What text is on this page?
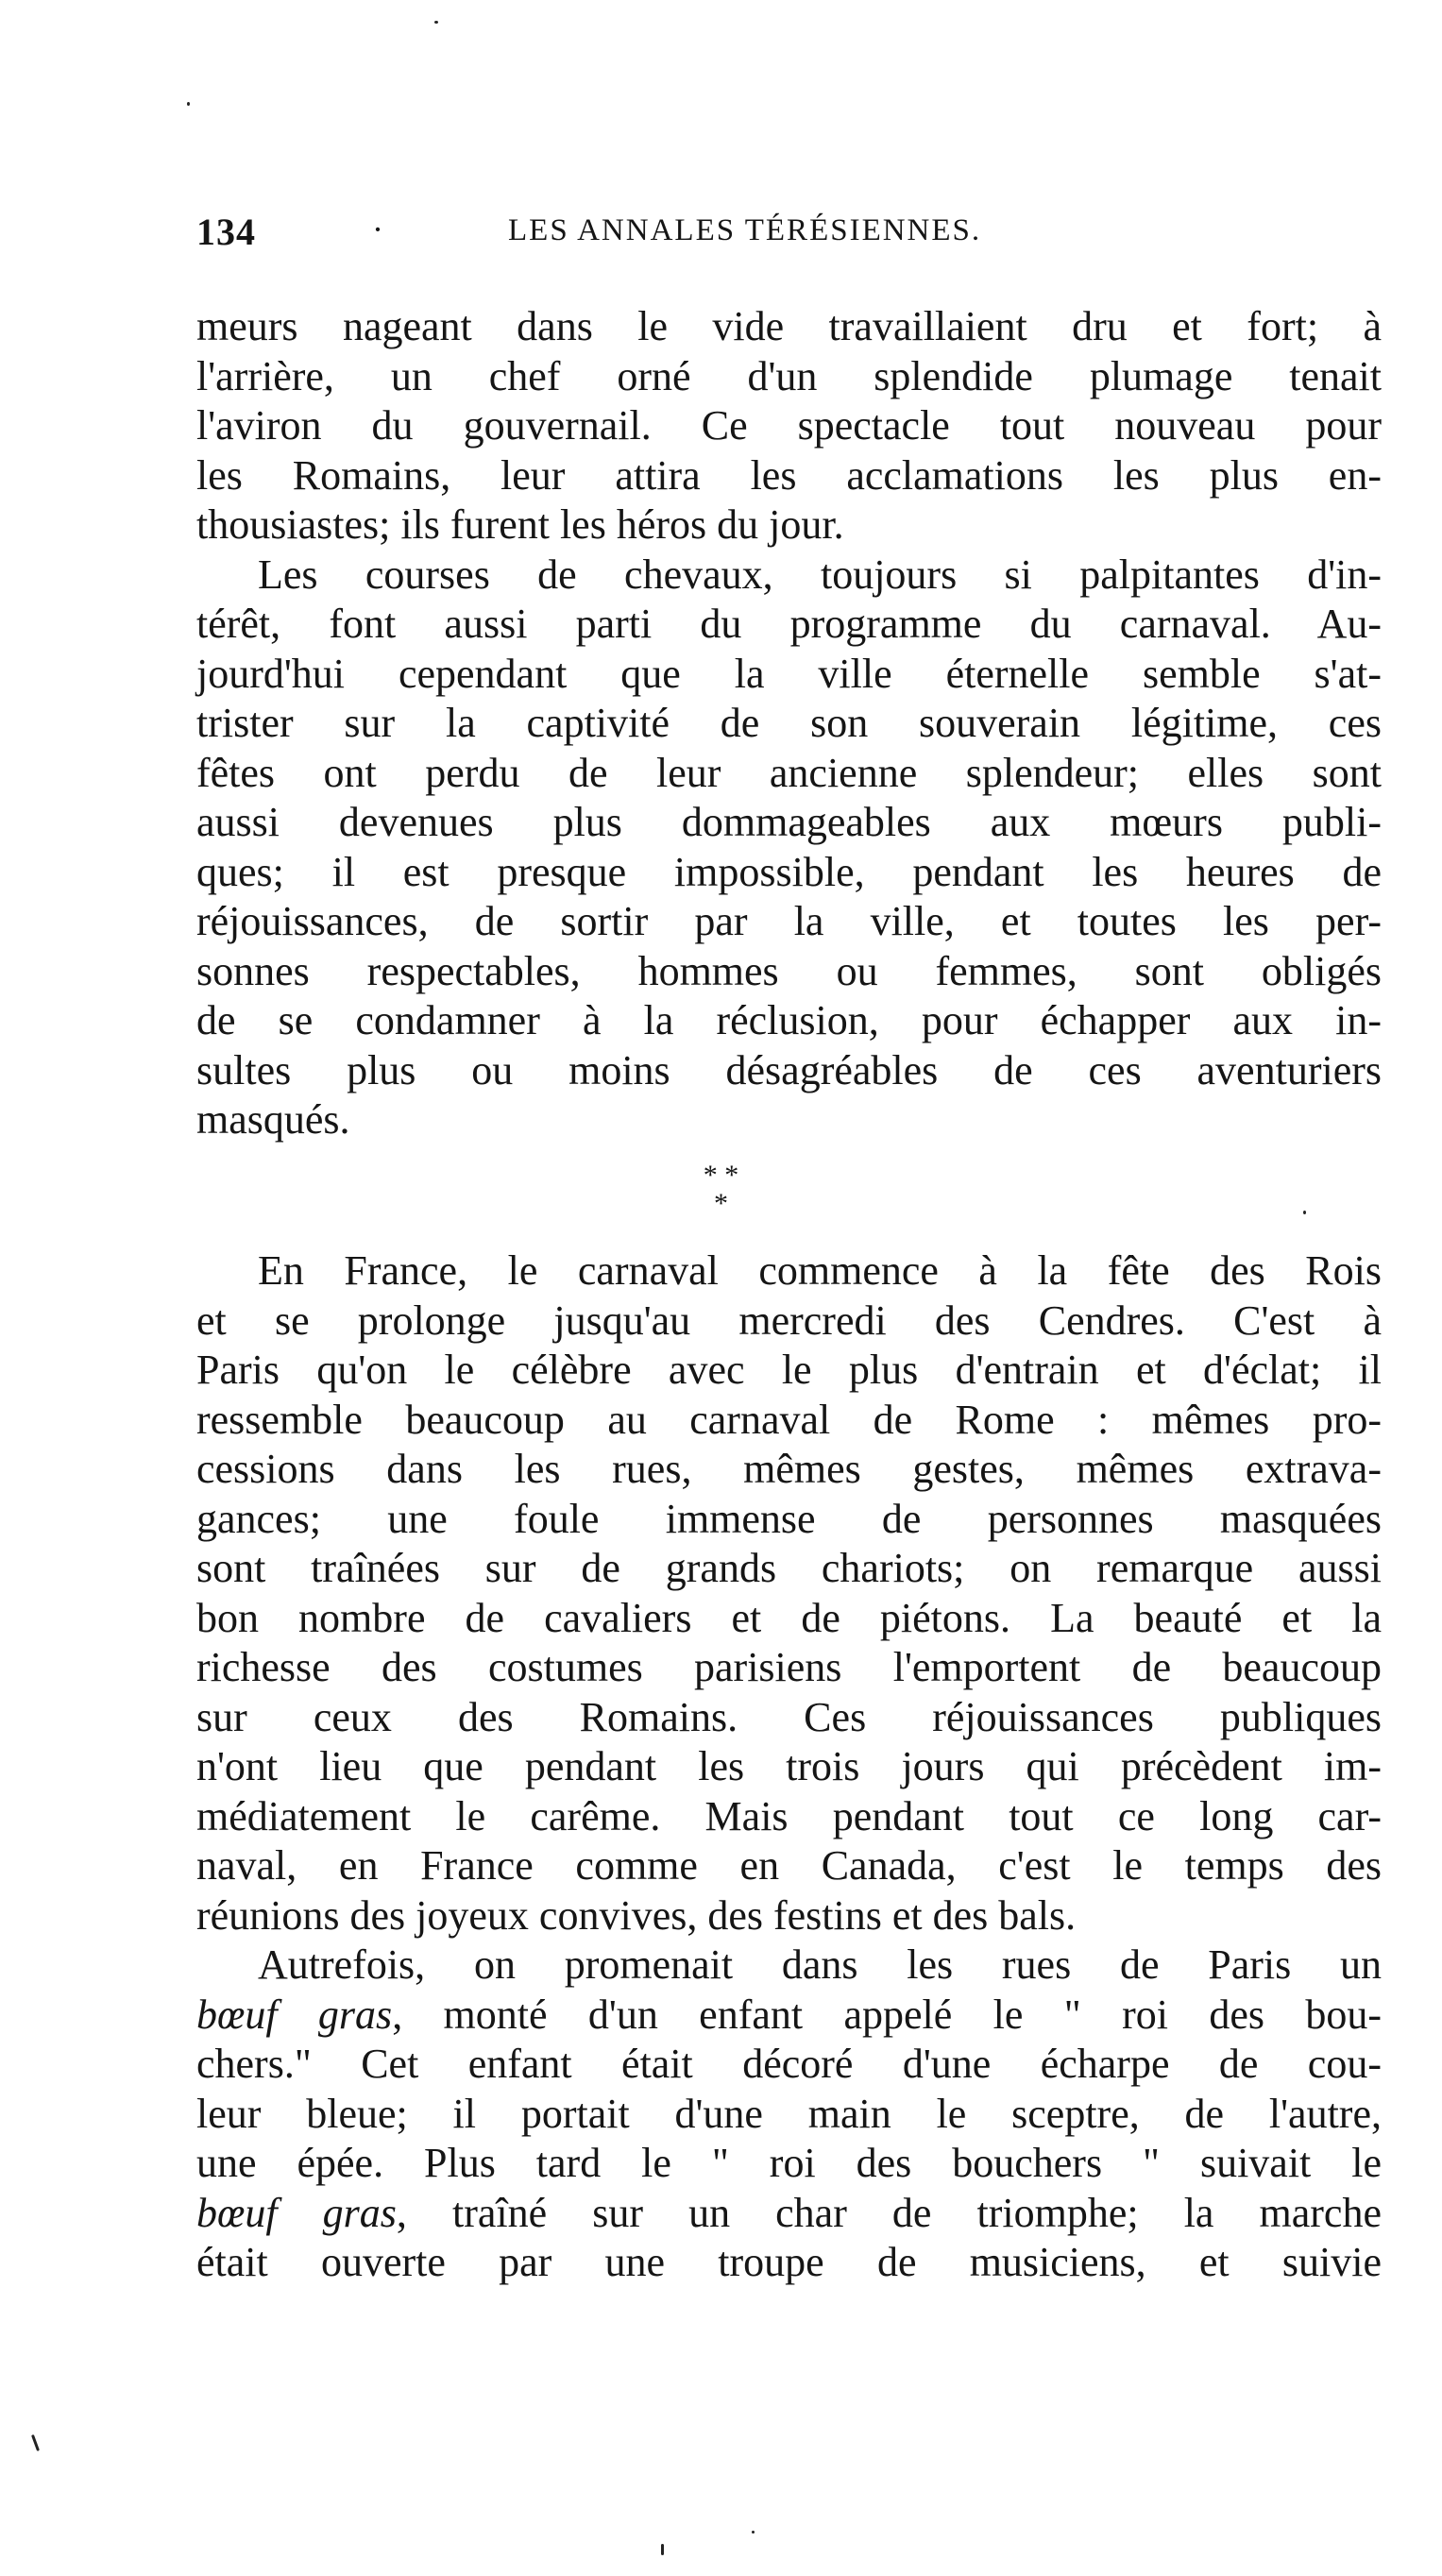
134	·	LES ANNALES TÉRÉSIENNES.
meurs nageant dans le vide travaillaient dru et fort; à
l'arrière, un chef orné d'un splendide plumage tenait
l'aviron du gouvernail. Ce spectacle tout nouveau pour
les Romains, leur attira les acclamations les plus en-
thousiastes; ils furent les héros du jour.
Les courses de chevaux, toujours si palpitantes d'in-
térêt, font aussi parti du programme du carnaval. Au-
jourd'hui cependant que la ville éternelle semble s'at-
trister sur la captivité de son souverain légitime, ces
fêtes ont perdu de leur ancienne splendeur; elles sont
aussi devenues plus dommageables aux mœurs publi-
ques; il est presque impossible, pendant les heures de
réjouissances, de sortir par la ville, et toutes les per-
sonnes respectables, hommes ou femmes, sont obligés
de se condamner à la réclusion, pour échapper aux in-
sultes plus ou moins désagréables de ces aventuriers
masqués.
* *
*
En France, le carnaval commence à la fête des Rois
et se prolonge jusqu'au mercredi des Cendres. C'est à
Paris qu'on le célèbre avec le plus d'entrain et d'éclat; il
ressemble beaucoup au carnaval de Rome : mêmes pro-
cessions dans les rues, mêmes gestes, mêmes extrava-
gances; une foule immense de personnes masquées
sont traînées sur de grands chariots; on remarque aussi
bon nombre de cavaliers et de piétons. La beauté et la
richesse des costumes parisiens l'emportent de beaucoup
sur ceux des Romains. Ces réjouissances publiques
n'ont lieu que pendant les trois jours qui précèdent im-
médiatement le carême. Mais pendant tout ce long car-
naval, en France comme en Canada, c'est le temps des
réunions des joyeux convives, des festins et des bals.
Autrefois, on promenait dans les rues de Paris un
bœuf gras, monté d'un enfant appelé le " roi des bou-
chers." Cet enfant était décoré d'une écharpe de cou-
leur bleue; il portait d'une main le sceptre, de l'autre,
une épée. Plus tard le " roi des bouchers " suivait le
bœuf gras, traîné sur un char de triomphe; la marche
était ouverte par une troupe de musiciens, et suivie
